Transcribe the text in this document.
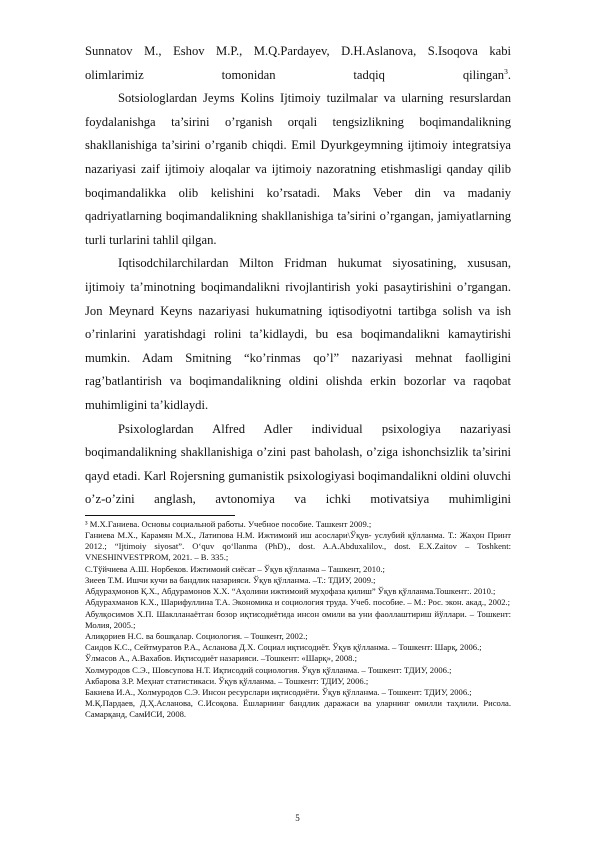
Sunnatov M., Eshov M.P., M.Q.Pardayev, D.H.Aslanova, S.Isoqova kabi olimlarimiz tomonidan tadqiq qilingan$^3$.

Sotsiologlardan Jeyms Kolins Ijtimoiy tuzilmalar va ularning resurslardan foydalanishga ta’sirini o’rganish orqali tengsizlikning boqimandalikning shakllanishiga ta’sirini o’rganib chiqdi. Emil Dyurkgeymning ijtimoiy integratsiya nazariyasi zaif ijtimoiy aloqalar va ijtimoiy nazoratning etishmasligi qanday qilib boqimandalikka olib kelishini ko’rsatadi. Maks Veber din va madaniy qadriyatlarning boqimandalikning shakllanishiga ta’sirini o’rgangan, jamiyatlarning turli turlarini tahlil qilgan.

Iqtisodchilarchilardan Milton Fridman hukumat siyosatining, xususan, ijtimoiy ta’minotning boqimandalikni rivojlantirish yoki pasaytirishini o’rgangan. Jon Meynard Keyns nazariyasi hukumatning iqtisodiyotni tartibga solish va ish o’rinlarini yaratishdagi rolini ta’kidlaydi, bu esa boqimandalikni kamaytirishi mumkin. Adam Smitning “ko’rinmas qo’l” nazariyasi mehnat faolligini rag’batlantirish va boqimandalikning oldini olishda erkin bozorlar va raqobat muhimligini ta’kidlaydi.

Psixologlardan Alfred Adler individual psixologiya nazariyasi boqimandalikning shakllanishiga o’zini past baholash, o’ziga ishonchsizlik ta’sirini qayd etadi. Karl Rojersning gumanistik psixologiyasi boqimandalikni oldini oluvchi o’z-o’zini anglash, avtonomiya va ichki motivatsiya muhimligini

³ М.Х.Ганиева. Основы социальной работы. Учебное пособие. Ташкент 2009.;

Ганиева М.Х., Карамян М.Х., Латипова Н.М. Ижтимоий иш асослари\Ўқув- услубий қўлланма. Т.: Жаҳон Принт 2012.; “Ijtimoiy siyosat”. O‘quv qo‘llanma (PhD)., dost. A.A.Abduxalilov., dost. E.X.Zaitov – Toshkent: VNESHINVESTPROM, 2021. – B. 335.;

С.Тўйчиева А.Ш. Норбеков. Ижтимоий сиёсат – Ўқув қўлланма – Ташкент, 2010.;

Зиеев Т.М. Ишчи кучи ва бандлик назарияси. Ўқув қўлланма. –Т.: ТДИУ, 2009.;

Абдураҳмонов Қ.Х., Абдурамонов Х.Х. “Аҳолини ижтимоий муҳофаза қилиш” Ўқув қўлланма.Тошкент:. 2010.;

Абдурахманов К.Х., Шарифуллина Т.А. Экономика и социология труда. Учеб. пособие. – М.: Рос. экон. акад., 2002.;

Абулқосимов Х.П. Шаклланаётган бозор иқтисодиётида инсон омили ва уни фаоллаштириш йўллари. – Тошкент: Молия, 2005.;

Алиқориев Н.С. ва бошқалар. Социология. – Тошкент, 2002.;

Саидов К.С., Сейтмуратов Р.А., Асланова Д.Х. Социал иқтисодиёт. Ўқув қўлланма. – Тошкент: Шарқ, 2006.;

Ўлмасов А., А.Вахабов. Иқтисодиёт назарияси. –Тошкент: «Шарқ», 2008.;

Холмуродов С.Э., Шовсупова Н.Т. Иқтисодий социология. Ўқув қўлланма. – Тошкент: ТДИУ, 2006.;

Акбарова З.Р. Меҳнат статистикаси. Ўқув қўлланма. – Тошкент: ТДИУ, 2006.;

Бакиева И.А., Холмуродов С.Э. Инсон ресурслари иқтисодиёти. Ўқув қўлланма. – Тошкент: ТДИУ, 2006.;

М.Қ.Пардаев, Д.Ҳ.Асланова, С.Исоқова. Ёшларнинг бандлик даражаси ва уларнинг омилли таҳлили. Рисола. Самарқанд, СамИСИ, 2008.

5
